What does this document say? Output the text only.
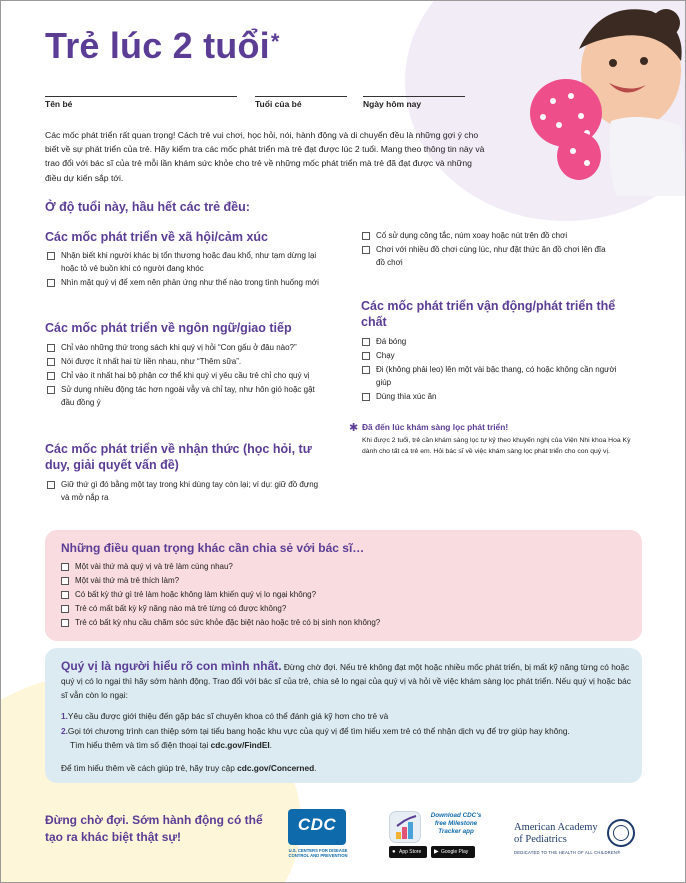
Trẻ lúc 2 tuổi*
Tên bé	Tuổi của bé	Ngày hôm nay

Các mốc phát triển rất quan trọng! Cách trẻ vui chơi, học hỏi, nói, hành động và di chuyển đều là những gợi ý cho biết về sự phát triển của trẻ. Hãy kiểm tra các mốc phát triển mà trẻ đạt được lúc 2 tuổi. Mang theo thông tin này và trao đổi với bác sĩ của trẻ mỗi lần khám sức khỏe cho trẻ về những mốc phát triển mà trẻ đã đạt được và những điều dự kiến sắp tới.

Ở độ tuổi này, hầu hết các trẻ đều:
Các mốc phát triển về xã hội/cảm xúc
Nhận biết khi người khác bị tổn thương hoặc đau khổ, như tạm dừng lại hoặc tỏ vẻ buồn khi có người đang khóc
Nhìn mặt quý vị để xem nên phản ứng như thế nào trong tình huống mới
Các mốc phát triển về ngôn ngữ/giao tiếp
Chỉ vào những thứ trong sách khi quý vị hỏi “Con gấu ở đâu nào?”
Nói được ít nhất hai từ liền nhau, như “Thêm sữa”.
Chỉ vào ít nhất hai bộ phận cơ thể khi quý vị yêu cầu trẻ chỉ cho quý vị
Sử dụng nhiều động tác hơn ngoài vẫy và chỉ tay, như hôn gió hoặc gật đầu đồng ý
Các mốc phát triển về nhận thức (học hỏi, tư duy, giải quyết vấn đề)
Giữ thứ gì đó bằng một tay trong khi dùng tay còn lại; ví dụ: giữ đồ đựng và mở nắp ra
Cố sử dụng công tắc, núm xoay hoặc nút trên đồ chơi
Chơi với nhiều đồ chơi cùng lúc, như đặt thức ăn đồ chơi lên đĩa đồ chơi
Các mốc phát triển vận động/phát triển thể chất
Đá bóng
Chạy
Đi (không phải leo) lên một vài bậc thang, có hoặc không cần người giúp
Dùng thìa xúc ăn
✱ Đã đến lúc khám sàng lọc phát triển!
Khi được 2 tuổi, trẻ cần khám sàng lọc tự kỷ theo khuyến nghị của Viện Nhi khoa Hoa Kỳ dành cho tất cả trẻ em. Hỏi bác sĩ về việc khám sàng lọc phát triển cho con quý vị.
Những điều quan trọng khác cần chia sẻ với bác sĩ…
Một vài thứ mà quý vị và trẻ làm cùng nhau?
Một vài thứ mà trẻ thích làm?
Có bất kỳ thứ gì trẻ làm hoặc không làm khiến quý vị lo ngại không?
Trẻ có mất bất kỳ kỹ năng nào mà trẻ từng có được không?
Trẻ có bất kỳ nhu cầu chăm sóc sức khỏe đặc biệt nào hoặc trẻ có bị sinh non không?

Quý vị là người hiểu rõ con mình nhất. Đừng chờ đợi. Nếu trẻ không đạt một hoặc nhiều mốc phát triển, bị mất kỹ năng từng có hoặc quý vị có lo ngại thì hãy sớm hành động. Trao đổi với bác sĩ của trẻ, chia sẻ lo ngại của quý vị và hỏi về việc khám sàng lọc phát triển. Nếu quý vị hoặc bác sĩ vẫn còn lo ngại:

1.Yêu cầu được giới thiệu đến gặp bác sĩ chuyên khoa có thể đánh giá kỹ hơn cho trẻ và

2.Gọi tới chương trình can thiệp sớm tại tiểu bang hoặc khu vực của quý vị để tìm hiểu xem trẻ có thể nhận dịch vụ để trợ giúp hay không.

Tìm hiểu thêm và tìm số điện thoại tại cdc.gov/FindEI.

Để tìm hiểu thêm về cách giúp trẻ, hãy truy cập cdc.gov/Concerned.

Đừng chờ đợi. Sớm hành động có thể tạo ra khác biệt thật sự!
CDC
U.S. CENTERS FOR DISEASE CONTROL AND PREVENTION
Download CDC's free Milestone Tracker app
● App Store	▶ Google Play
American Academy
of Pediatrics
DEDICATED TO THE HEALTH OF ALL CHILDREN®
